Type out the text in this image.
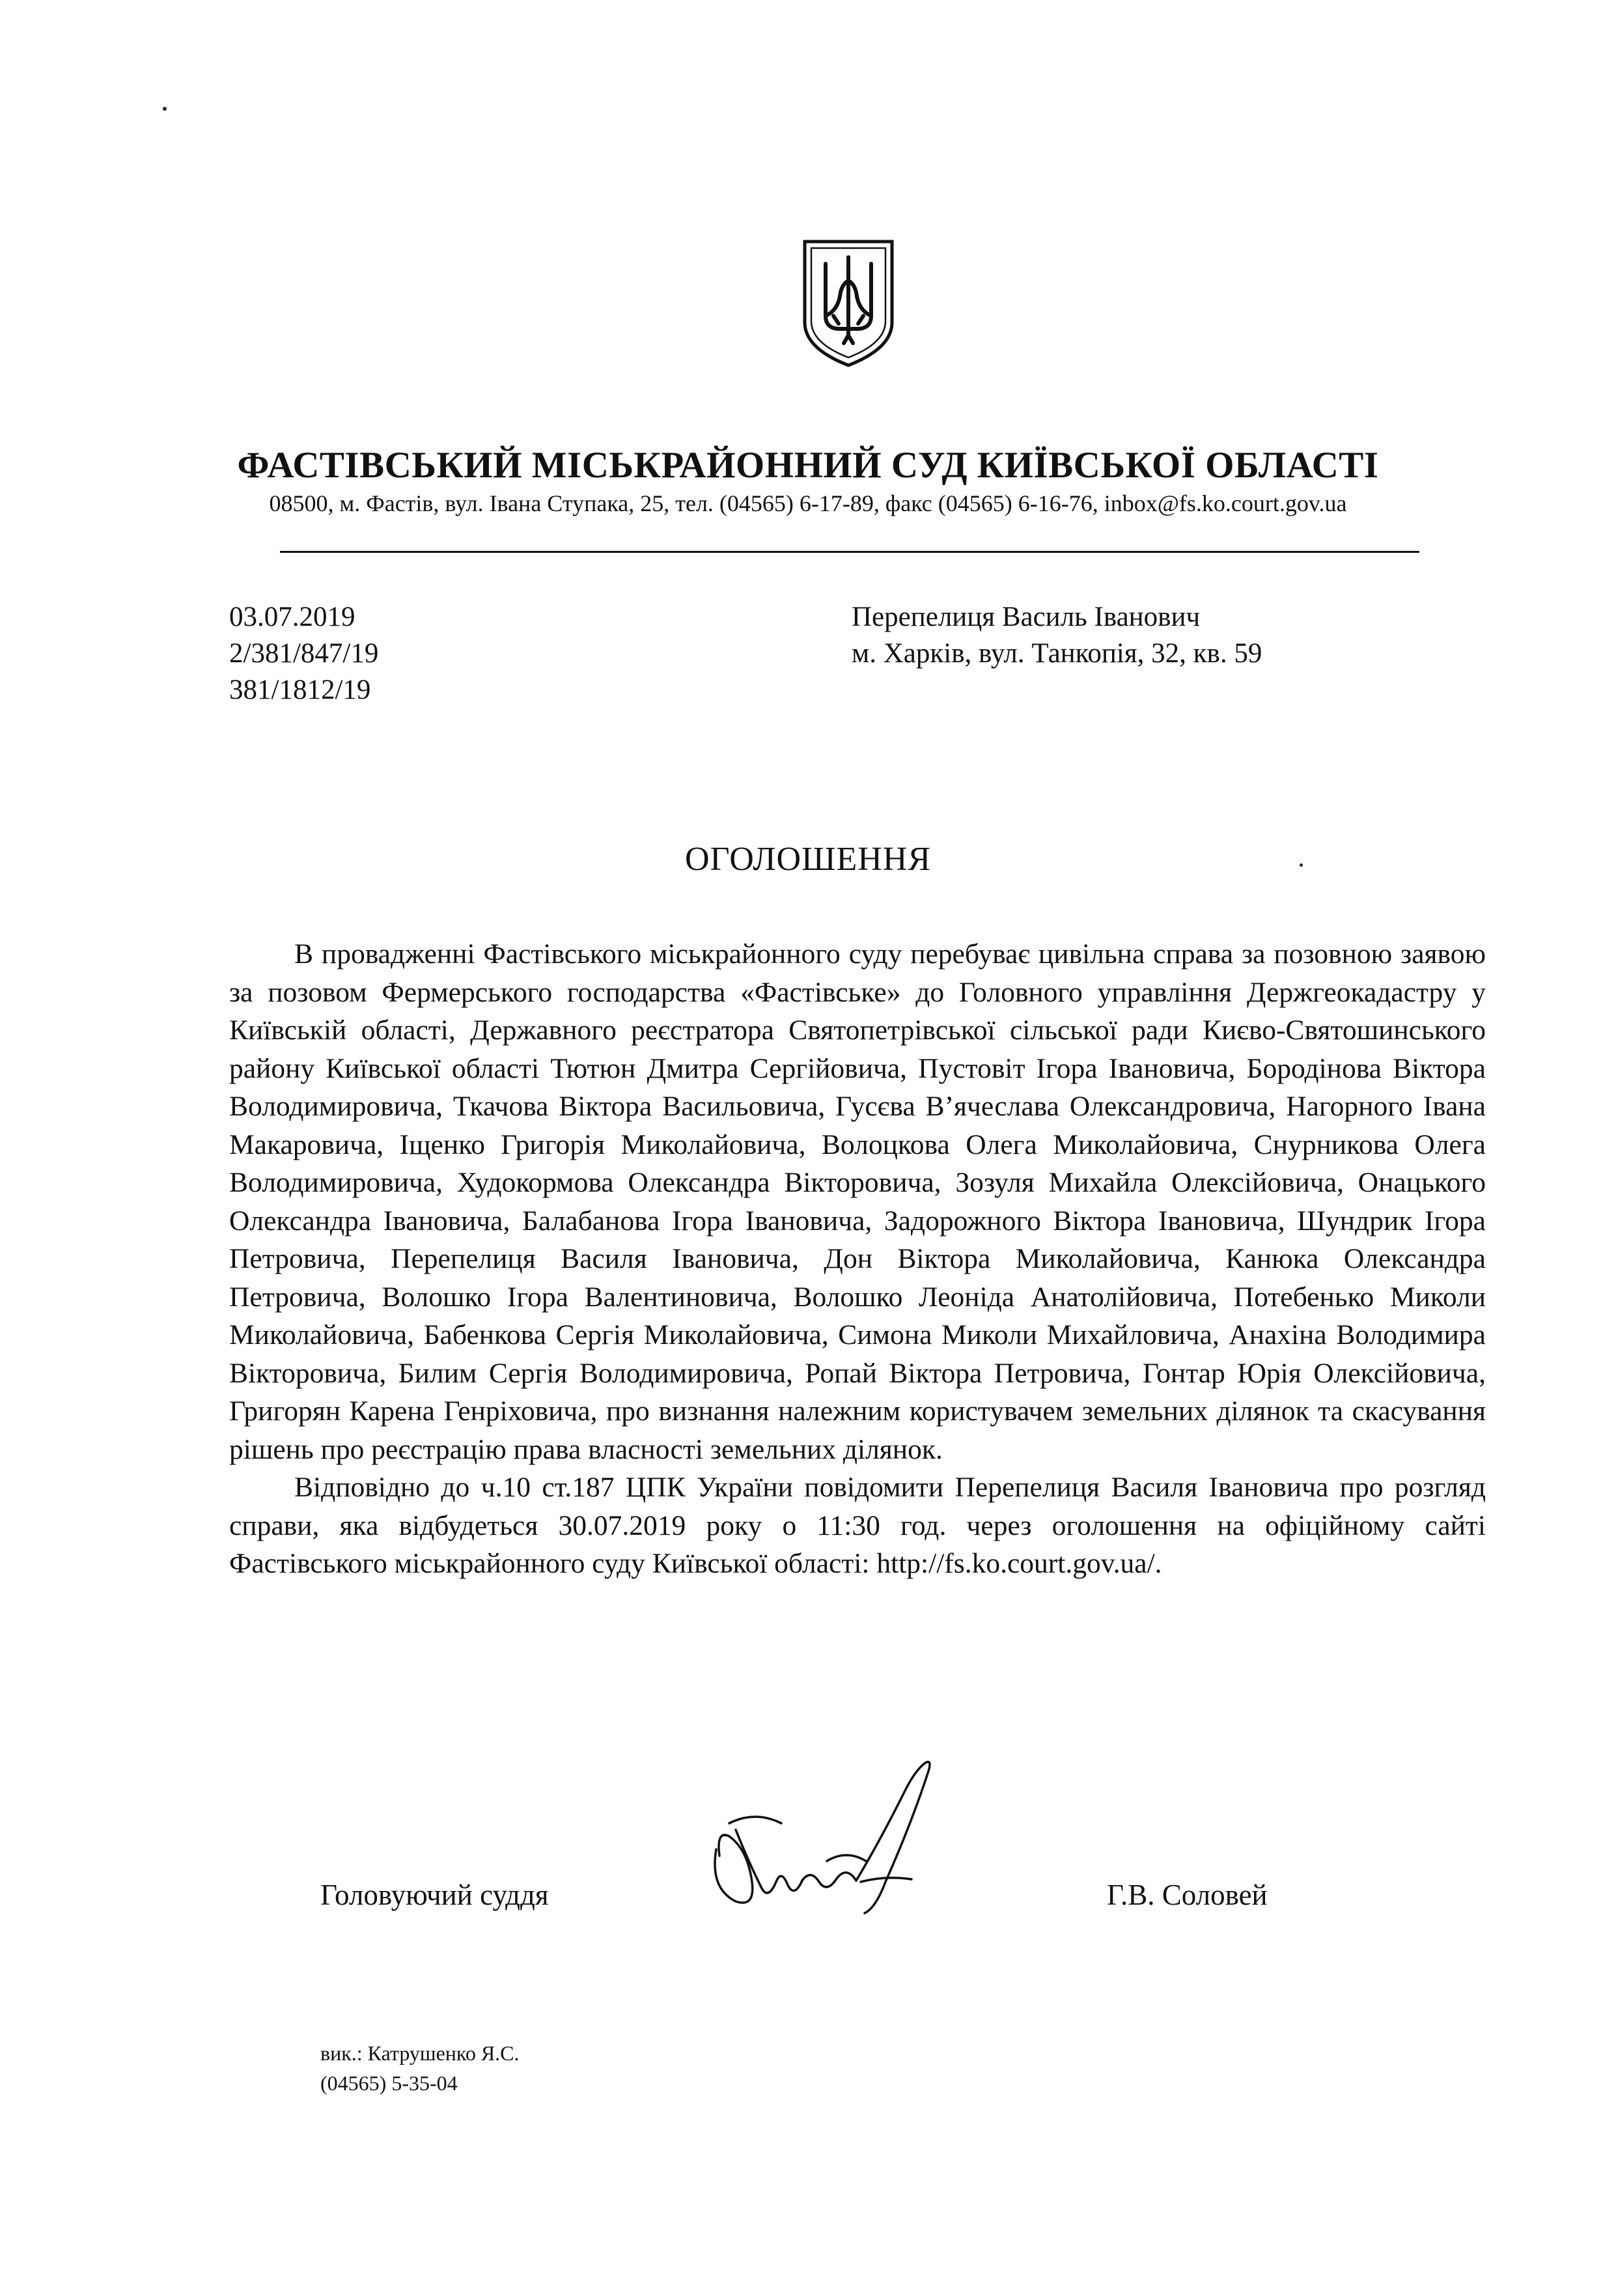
ФАСТІВСЬКИЙ МІСЬКРАЙОННИЙ СУД КИЇВСЬКОЇ ОБЛАСТІ
08500, м. Фастів, вул. Івана Ступака, 25, тел. (04565) 6-17-89, факс (04565) 6-16-76, inbox@fs.ko.court.gov.ua
03.07.2019
2/381/847/19
381/1812/19
Перепелиця Василь Іванович
м. Харків, вул. Танкопія, 32, кв. 59
ОГОЛОШЕННЯ

В провадженні Фастівського міськрайонного суду перебуває цивільна справа за позовною заявою за позовом Фермерського господарства «Фастівське» до Головного управління Держгеокадастру у Київській області, Державного реєстратора Святопетрівської сільської ради Києво-Святошинського району Київської області Тютюн Дмитра Сергійовича, Пустовіт Ігора Івановича, Бородінова Віктора Володимировича, Ткачова Віктора Васильовича, Гусєва В’ячеслава Олександровича, Нагорного Івана Макаровича, Іщенко Григорія Миколайовича, Волоцкова Олега Миколайовича, Снурникова Олега Володимировича, Худокормова Олександра Вікторовича, Зозуля Михайла Олексійовича, Онацького Олександра Івановича, Балабанова Ігора Івановича, Задорожного Віктора Івановича, Шундрик Ігора Петровича, Перепелиця Василя Івановича, Дон Віктора Миколайовича, Канюка Олександра Петровича, Волошко Ігора Валентиновича, Волошко Леоніда Анатолійовича, Потебенько Миколи Миколайовича, Бабенкова Сергія Миколайовича, Симона Миколи Михайловича, Анахіна Володимира Вікторовича, Билим Сергія Володимировича, Ропай Віктора Петровича, Гонтар Юрія Олексійовича, Григорян Карена Генріховича, про визнання належним користувачем земельних ділянок та скасування рішень про реєстрацію права власності земельних ділянок.

Відповідно до ч.10 ст.187 ЦПК України повідомити Перепелиця Василя Івановича про розгляд справи, яка відбудеться 30.07.2019 року о 11:30 год. через оголошення на офіційному сайті Фастівського міськрайонного суду Київської області: http://fs.ko.court.gov.ua/.

Головуючий суддя	Г.В. Соловей
вик.: Катрушенко Я.С.
(04565) 5-35-04
